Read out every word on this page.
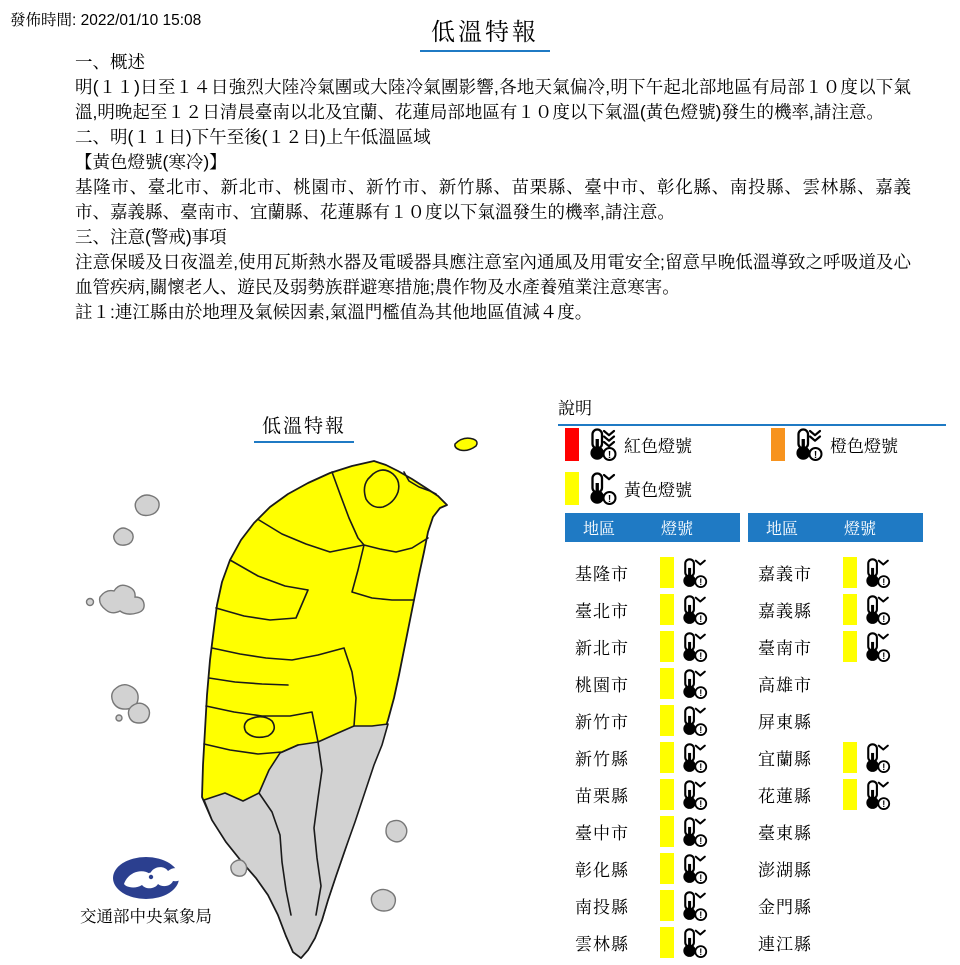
發佈時間: 2022/01/10 15:08	低溫特報

一、概述

明(１１)日至１４日強烈大陸冷氣團或大陸冷氣團影響,各地天氣偏冷,明下午起北部地區有局部１０度以下氣溫,明晚起至１２日清晨臺南以北及宜蘭、花蓮局部地區有１０度以下氣溫(黃色燈號)發生的機率,請注意。

二、明(１１日)下午至後(１２日)上午低溫區域

【黃色燈號(寒冷)】

基隆市、臺北市、新北市、桃園市、新竹市、新竹縣、苗栗縣、臺中市、彰化縣、南投縣、雲林縣、嘉義市、嘉義縣、臺南市、宜蘭縣、花蓮縣有１０度以下氣溫發生的機率,請注意。

三、注意(警戒)事項

注意保暖及日夜溫差,使用瓦斯熱水器及電暖器具應注意室內通風及用電安全;留意早晚低溫導致之呼吸道及心血管疾病,關懷老人、遊民及弱勢族群避寒措施;農作物及水產養殖業注意寒害。

註１:連江縣由於地理及氣候因素,氣溫門檻值為其他地區值減４度。

低溫特報
交通部中央氣象局
說明
! 紅色燈號	! 橙色燈號
! 黃色燈號
地區	燈號
基隆市	!
臺北市	!
新北市	!
桃園市	!
新竹市	!
新竹縣	!
苗栗縣	!
臺中市	!
彰化縣	!
南投縣	!
雲林縣	!
地區	燈號
嘉義市	!
嘉義縣	!
臺南市	!
高雄市
屏東縣
宜蘭縣	!
花蓮縣	!
臺東縣
澎湖縣
金門縣
連江縣
